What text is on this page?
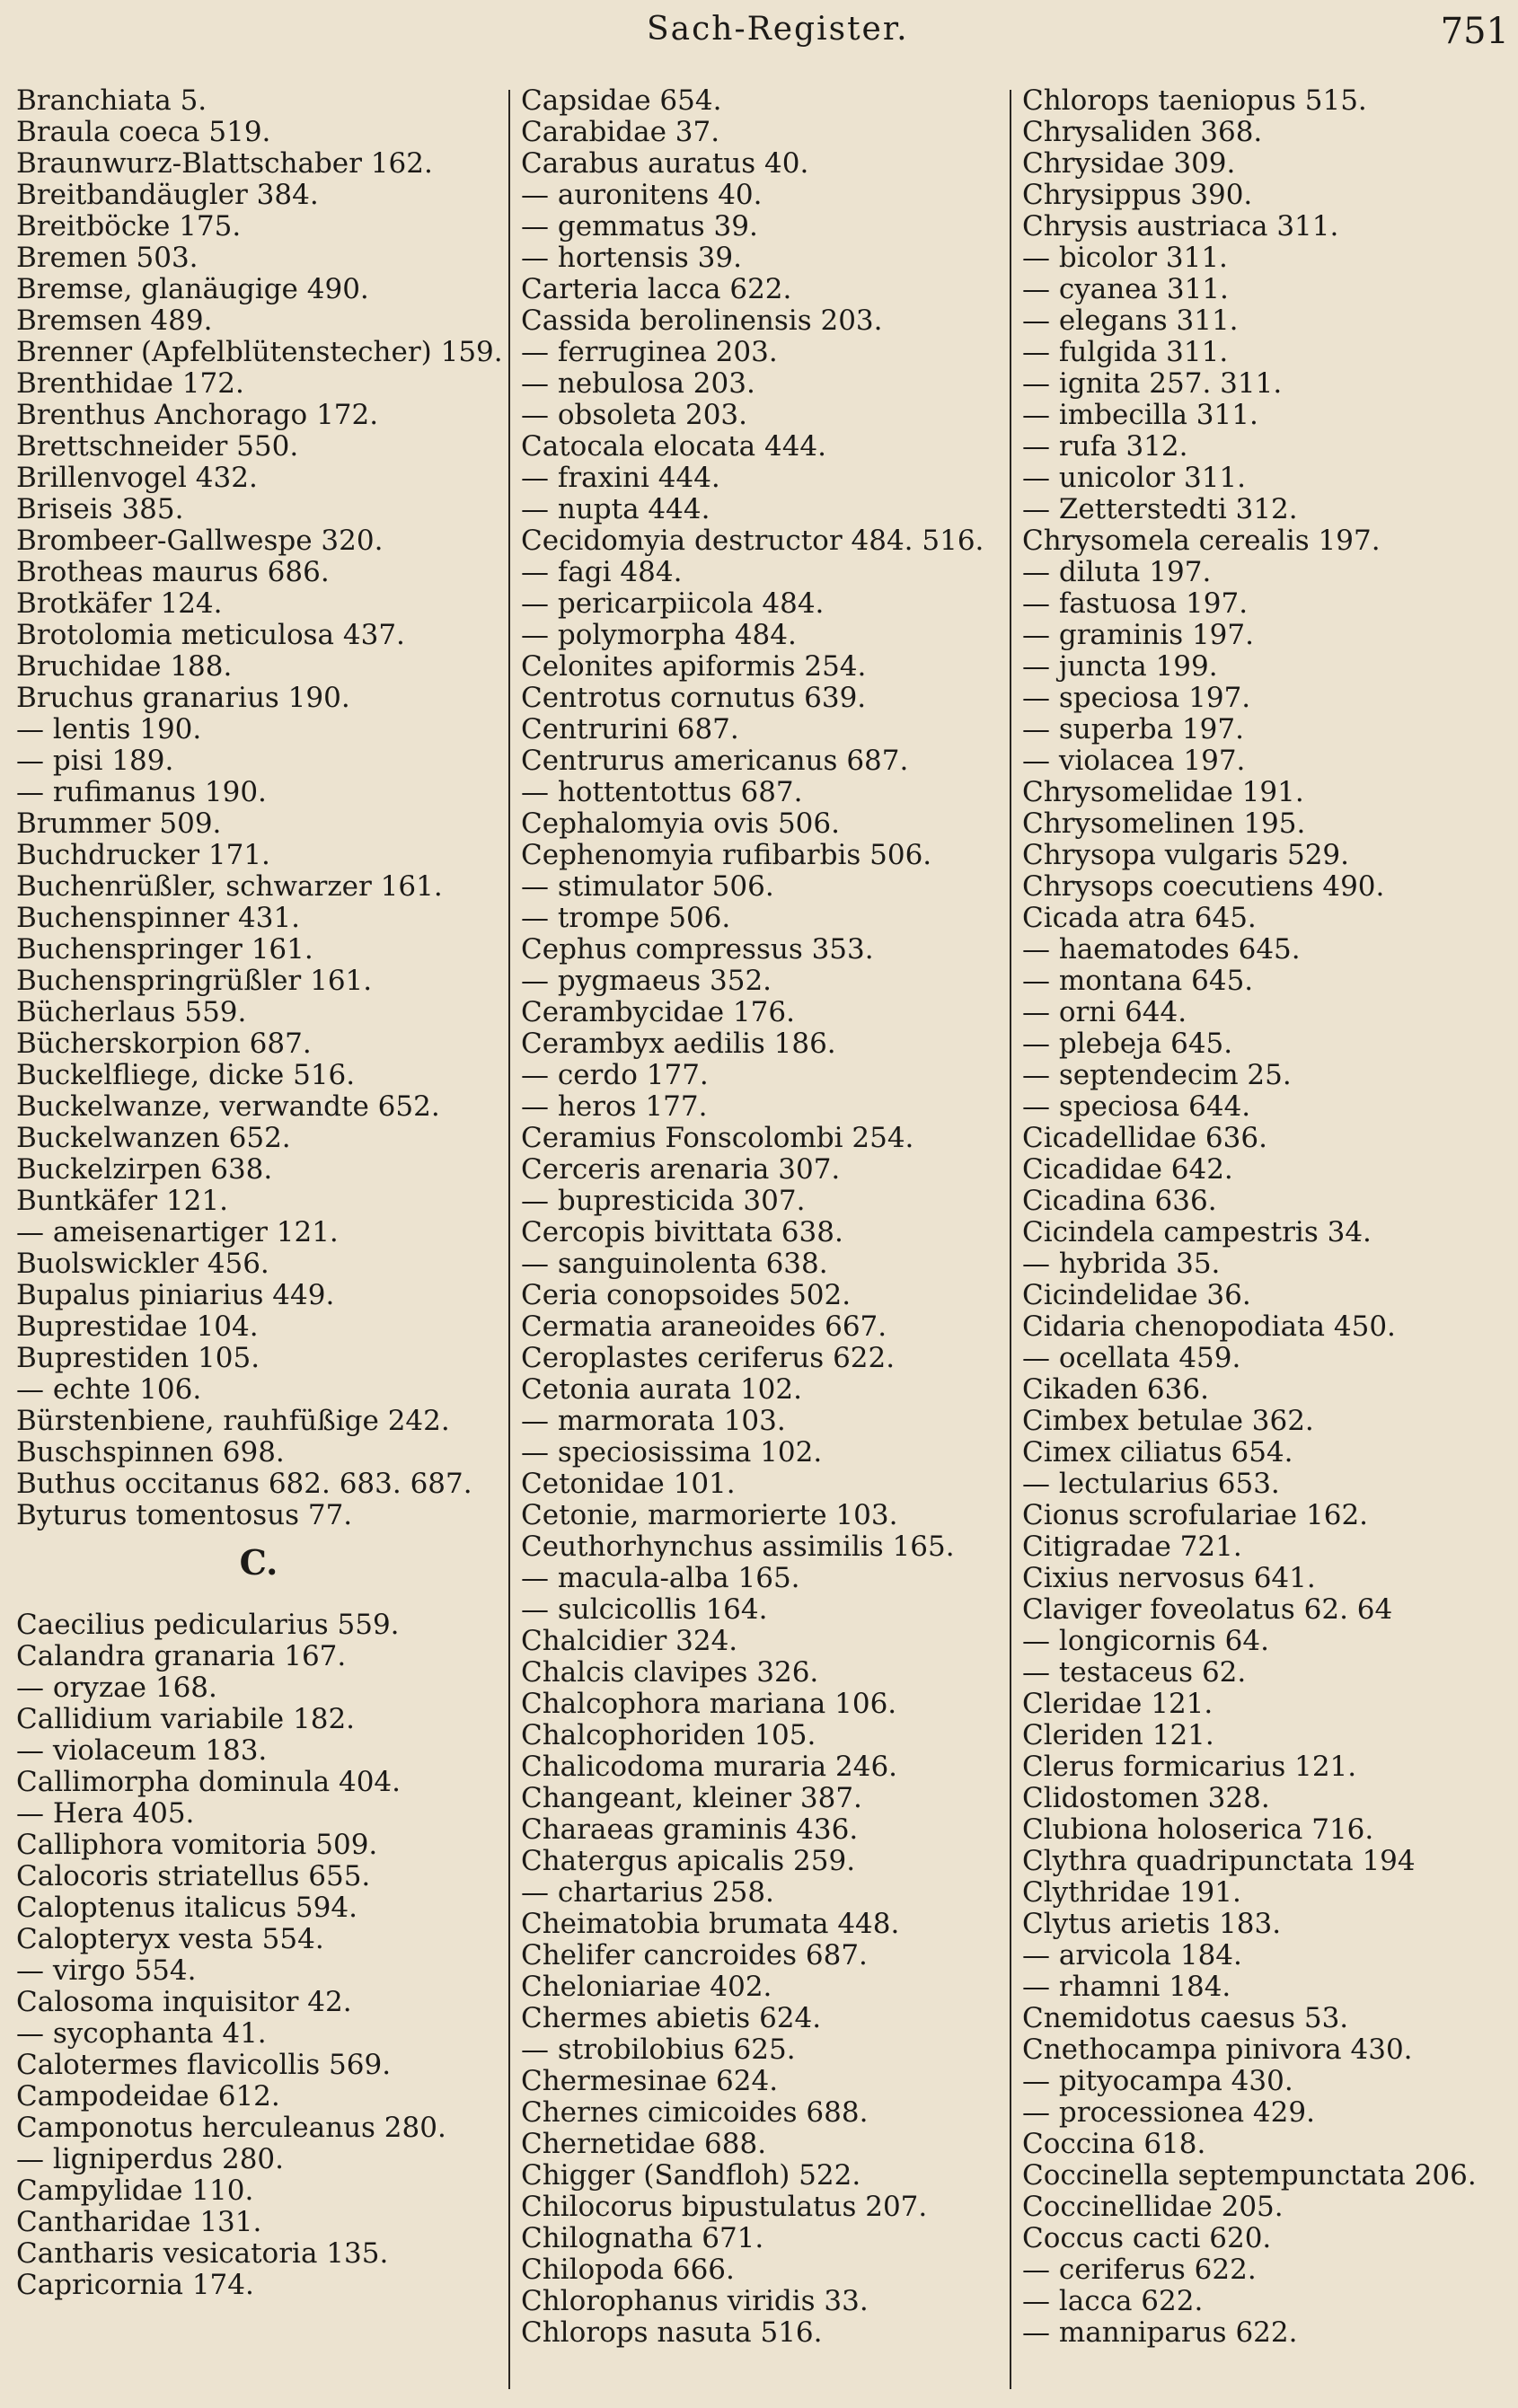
Sach-Register.	751
Branchiata 5.
Braula coeca 519.
Braunwurz-Blattschaber 162.
Breitbandäugler 384.
Breitböcke 175.
Bremen 503.
Bremse, glanäugige 490.
Bremsen 489.
Brenner (Apfelblütenstecher) 159.
Brenthidae 172.
Brenthus Anchorago 172.
Brettschneider 550.
Brillenvogel 432.
Briseis 385.
Brombeer-Gallwespe 320.
Brotheas maurus 686.
Brotkäfer 124.
Brotolomia meticulosa 437.
Bruchidae 188.
Bruchus granarius 190.
— lentis 190.
— pisi 189.
— rufimanus 190.
Brummer 509.
Buchdrucker 171.
Buchenrüßler, schwarzer 161.
Buchenspinner 431.
Buchenspringer 161.
Buchenspringrüßler 161.
Bücherlaus 559.
Bücherskorpion 687.
Buckelfliege, dicke 516.
Buckelwanze, verwandte 652.
Buckelwanzen 652.
Buckelzirpen 638.
Buntkäfer 121.
— ameisenartiger 121.
Buolswickler 456.
Bupalus piniarius 449.
Buprestidae 104.
Buprestiden 105.
— echte 106.
Bürstenbiene, rauhfüßige 242.
Buschspinnen 698.
Buthus occitanus 682. 683. 687.
Byturus tomentosus 77.
C.
Caecilius pedicularius 559.
Calandra granaria 167.
— oryzae 168.
Callidium variabile 182.
— violaceum 183.
Callimorpha dominula 404.
— Hera 405.
Calliphora vomitoria 509.
Calocoris striatellus 655.
Caloptenus italicus 594.
Calopteryx vesta 554.
— virgo 554.
Calosoma inquisitor 42.
— sycophanta 41.
Calotermes flavicollis 569.
Campodeidae 612.
Camponotus herculeanus 280.
— ligniperdus 280.
Campylidae 110.
Cantharidae 131.
Cantharis vesicatoria 135.
Capricornia 174.
Capsidae 654.
Carabidae 37.
Carabus auratus 40.
— auronitens 40.
— gemmatus 39.
— hortensis 39.
Carteria lacca 622.
Cassida berolinensis 203.
— ferruginea 203.
— nebulosa 203.
— obsoleta 203.
Catocala elocata 444.
— fraxini 444.
— nupta 444.
Cecidomyia destructor 484. 516.
— fagi 484.
— pericarpiicola 484.
— polymorpha 484.
Celonites apiformis 254.
Centrotus cornutus 639.
Centrurini 687.
Centrurus americanus 687.
— hottentottus 687.
Cephalomyia ovis 506.
Cephenomyia rufibarbis 506.
— stimulator 506.
— trompe 506.
Cephus compressus 353.
— pygmaeus 352.
Cerambycidae 176.
Cerambyx aedilis 186.
— cerdo 177.
— heros 177.
Ceramius Fonscolombi 254.
Cerceris arenaria 307.
— bupresticida 307.
Cercopis bivittata 638.
— sanguinolenta 638.
Ceria conopsoides 502.
Cermatia araneoides 667.
Ceroplastes ceriferus 622.
Cetonia aurata 102.
— marmorata 103.
— speciosissima 102.
Cetonidae 101.
Cetonie, marmorierte 103.
Ceuthorhynchus assimilis 165.
— macula-alba 165.
— sulcicollis 164.
Chalcidier 324.
Chalcis clavipes 326.
Chalcophora mariana 106.
Chalcophoriden 105.
Chalicodoma muraria 246.
Changeant, kleiner 387.
Charaeas graminis 436.
Chatergus apicalis 259.
— chartarius 258.
Cheimatobia brumata 448.
Chelifer cancroides 687.
Cheloniariae 402.
Chermes abietis 624.
— strobilobius 625.
Chermesinae 624.
Chernes cimicoides 688.
Chernetidae 688.
Chigger (Sandfloh) 522.
Chilocorus bipustulatus 207.
Chilognatha 671.
Chilopoda 666.
Chlorophanus viridis 33.
Chlorops nasuta 516.
Chlorops taeniopus 515.
Chrysaliden 368.
Chrysidae 309.
Chrysippus 390.
Chrysis austriaca 311.
— bicolor 311.
— cyanea 311.
— elegans 311.
— fulgida 311.
— ignita 257. 311.
— imbecilla 311.
— rufa 312.
— unicolor 311.
— Zetterstedti 312.
Chrysomela cerealis 197.
— diluta 197.
— fastuosa 197.
— graminis 197.
— juncta 199.
— speciosa 197.
— superba 197.
— violacea 197.
Chrysomelidae 191.
Chrysomelinen 195.
Chrysopa vulgaris 529.
Chrysops coecutiens 490.
Cicada atra 645.
— haematodes 645.
— montana 645.
— orni 644.
— plebeja 645.
— septendecim 25.
— speciosa 644.
Cicadellidae 636.
Cicadidae 642.
Cicadina 636.
Cicindela campestris 34.
— hybrida 35.
Cicindelidae 36.
Cidaria chenopodiata 450.
— ocellata 459.
Cikaden 636.
Cimbex betulae 362.
Cimex ciliatus 654.
— lectularius 653.
Cionus scrofulariae 162.
Citigradae 721.
Cixius nervosus 641.
Claviger foveolatus 62. 64
— longicornis 64.
— testaceus 62.
Cleridae 121.
Cleriden 121.
Clerus formicarius 121.
Clidostomen 328.
Clubiona holoserica 716.
Clythra quadripunctata 194
Clythridae 191.
Clytus arietis 183.
— arvicola 184.
— rhamni 184.
Cnemidotus caesus 53.
Cnethocampa pinivora 430.
— pityocampa 430.
— processionea 429.
Coccina 618.
Coccinella septempunctata 206.
Coccinellidae 205.
Coccus cacti 620.
— ceriferus 622.
— lacca 622.
— manniparus 622.
